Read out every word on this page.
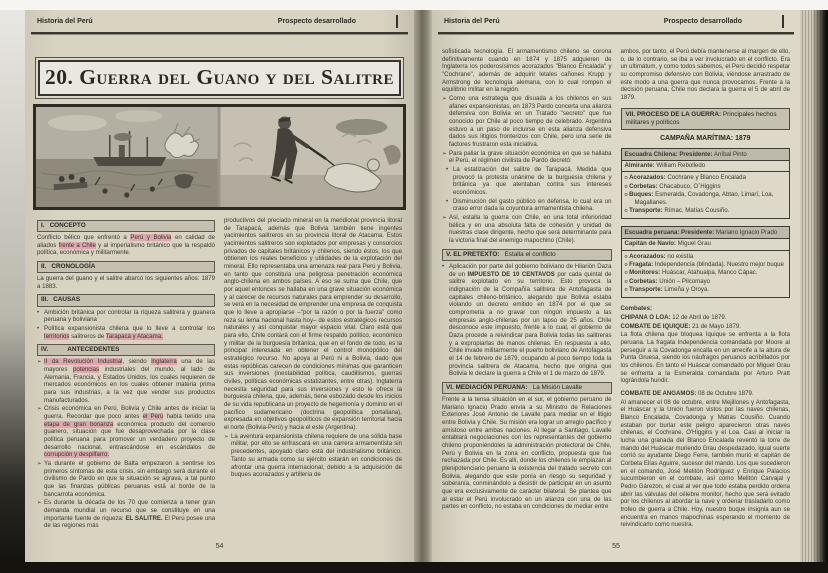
Historia del Perú	Prospecto desarrollado
20. Guerra del Guano y del Salitre
I. CONCEPTO
Conflicto bélico que enfrentó a Perú y Bolivia en calidad de aliados frente a Chile y al imperialismo británico que la respaldó política, económica y militarmente.
II. CRONOLOGÍA
La guerra del guano y el salitre abarcó los siguientes años: 1879 a 1883.
III. CAUSAS
•
Ambición británica por controlar la riqueza salitrera y guanera peruana y boliviana
•
Política expansionista chilena que lo lleve a controlar los territorios salitreros de Tarapacá y Atacama.
IV.	ANTECEDENTES
➢
II da Revolución Industrial, siendo Inglaterra una de las mayores potencias industriales del mundo, al lado de Alemania, Francia, y Estados Unidos, los cuales requieren de mercados económicos en los cuales obtener materia prima para sus industrias, a la vez que vender sus productos manufacturados.
➢
Crisis económica en Perú, Bolivia y Chile antes de iniciar la guerra. Recordar que poco antes el Perú había tenido una etapa de gran bonanza económica producto del comercio guanero, situación que fue desaprovechada por la clase política peruana para promover un verdadero proyecto de desarrollo nacional, entrascándose en escándalos de corrupción y despilfarro.
➢
Ya durante el gobierno de Balta empezaron a sentirse los primeros síntomas de esta crisis, sin embargo será durante el civilismo de Pardo en que la situación se agrava, a tal punto que las finanzas públicas peruanas está al borde de la bancarrota económica.
➢
Es durante la década de los 70 que comienza a tener gran demanda mundial un recurso que se constituye en una importante fuente de riqueza: EL SALITRE. El Perú posee una de las regiones más
productivos del preciado mineral en la meridional provincia litoral de Tarapacá, además que Bolivia también tiene ingentes yacimientos salitreros en su provincia litoral de Atacama. Estos yacimientos salitreros son explotados por empresas y consorcios privados de capitales británicos y chilenos, siendo éstos, los que obtienen los reales beneficios y utilidades de la explotación del mineral. Ello representaba una amenaza real para Perú y Bolivia, en tanto que constituía una peligrosa penetración económica anglo-chilena en ambos países. A eso se suma que Chile, que por aquel entonces se hallaba en una grave situación económica y al carecer de recursos naturales para emprender su desarrollo, se verá en la necesidad de emprender una empresa de conquista que lo lleve a apropiarse –"por la razón o por la fuerza" como reza su lema nacional hasta hoy– de estos estratégicos recursos naturales y así conquistar mayor espacio vital. Claro está que para ello, Chile contará con el firme respaldo político, económico y militar de la burguesía británica, que en el fondo de todo, es la principal interesada en obtener el control monopólico del estratégico recurso. No apoya al Perú ni a Bolivia, dado que estas repúblicas carecen de condiciones mínimas que garanticen sus inversiones (inestabilidad política, caudillismos, guerras civiles, políticas económicas estatizantes, entre otras). Inglaterra necesita seguridad para sus inversiones y esto le ofrece la burguesía chilena, que, además, tiene esbozado desde los inicios de su vida republicana un proyecto de hegemonía y dominio en el pacífico sudamericano (doctrina geopolítica portaliana), expresada en objetivos geopolíticos de expansión territorial hacia el norte (Bolivia-Perú) y hacia el este (Argentina).
➢
La aventura expansionista chilena requiere de una sólida base militar, por ello se enfrascará en una carrera armamentista sin precedentes, apoyado claro está del industrialismo británico. Tanto su armada como su ejército estarán en condiciones de afrontar una guerra internacional, debido a la adquisición de buques acorazados y artillería de
54
Historia del Perú	Prospecto desarrollado
sofisticada tecnología. El armamentismo chileno se corona definitivamente cuando en 1874 y 1875 adquieren de Inglaterra los poderosísimos acorazados "Blanco Encalada" y "Cochrane", además de adquirir letales cañones Krupp y Armstrong de tecnología alemana, con lo cual rompen el equilibrio militar en la región.
➢
Como una estrategia que disuada a los chilenos en sus afanes expansionistas, en 1873 Pardo concerta una alianza defensiva con Bolivia en un Tratado "secreto" que fue conocido por Chile al poco tiempo de celebrado. Argentina estuvo a un paso de incluirse en esta alianza defensiva dados sus litigios fronterizos con Chile, pero una serie de factores frustraron esta iniciativa.
➢
Para paliar la grave situación económica en que se hallaba el Perú, el régimen civilista de Pardo decretó:
•
La estatización del salitre de Tarapacá. Medida que provocó la protesta unánime de la burguesía chilena y británica ya que atentaban contra sus intereses económicos.
•
Disminución del gasto público en defensa, lo cual era un craso error dada la coyuntura armamentista chilena.
➢
Así, estalla la guerra con Chile, en una total inferioridad bélica y en una absoluta falta de cohesión y unidad de nuestras clase dirigente, hecho que será determinante para la victoria final del enemigo mapochino (Chile).
V. EL PRETEXTO: Estalla el conflicto
•
Aplicación por parte del gobierno boliviano de Hilarión Daza de un IMPUESTO DE 10 CENTAVOS por cada quintal de salitre explotado en su territorio. Esto provoca la indignación de la Compañía salitrera de Antofagasta de capitales chileno-británico, alegando que Bolivia estaba violando un decreto emitido en 1874 por el que se comprometía a no gravar con ningún impuesto a las empresas anglo-chilenas por un lapso de 25 años. Chile desconoce este impuesto, frente a lo cual, el gobierno de Daza procede a reivindicar para Bolivia todas las salitreras y a expropiarlas de manos chilenas. En respuesta a ello, Chile invade militarmente el puerto boliviano de Antofagasta el 14 de febrero de 1879, ocupando al poco tiempo toda la provincia salitrera de Atacama, hecho que origina que Bolivia le declare la guerra a Chile el 1 de marzo de 1879.
VI. MEDIACIÓN PERUANA: La Misión Lavalle
Frente a la tensa situación en el sur, el gobierno peruano de Mariano Ignacio Prado envía a su Ministro de Relaciones Exteriores José Antonio de Lavalle para mediar en el litigio entre Bolivia y Chile. Su misión era lograr un arreglo pacífico y amistoso entre ambas naciones. Al llegar a Santiago, Lavalle entablará negociaciones con los representantes del gobierno chileno proponiéndoles la administración protectoral de Chile, Perú y Bolivia en la zona en conflicto, propuesta que fue rechazada por Chile. Es allí, donde los chilenos le emplazan al plenipotenciario peruano la existencia del tratado secreto con Bolivia, alegando que este ponía en riesgo su seguridad y soberanía, conminándolo a desistir de participar en un asunto que era exclusivamente de carácter bilateral. Se plantea que al estar el Perú involucrado en un alianza con una de las partes en conflicto, no estaba en condiciones de mediar entre
ambos, por tanto, el Perú debía mantenerse al margen de ello, o, de lo contrario, se iba a ver involucrado en el conflicto. Era un ultimátum, y como todos sabemos, el Perú decidió respetar su compromiso defensivo con Bolivia, viéndose arrastrado de este modo a una guerra que nunca provocamos. Frente a la decisión peruana, Chile nos declara la guerra el 5 de abril de 1879.
VII. PROCESO DE LA GUERRA: Principales hechos militares y políticos
CAMPAÑA MARÍTIMA: 1879
Escuadra Chilena: Presidente: Aníbal Pinto
Almirante: William Rebolledo
o Acorazados: Cochrane y Blanco Encalada
o Corbetas: Chacabuco, O´Higgins
o Buques: Esmeralda, Covadonga, Abtao, Limarí, Loa, Magallanes.
o Transporte: Rímac, Matías Cousiño.
Escuadra peruana: Presidente: Mariano Ignacio Prado
Capitán de Navío: Miguel Grau
o Acorazados: no existía
o Fragata: Independencia (blindada). Nuestro mejor buque
o Monitores: Huáscar, Atahualpa, Manco Cápac.
o Corbetas: Unión – Pilcomayo
o Transporte: Limeña y Oroya.
Combates:
CHIPANA O LOA: 12 de Abril de 1879.
COMBATE DE IQUIQUE: 21 de Mayo 1879.
La flota chilena que bloquea Iquique se enfrenta a la flota peruana. La fragata Independencia comandada por Moore al perseguir a la Covadonga encalla en un arrecife a la altura de Punta Gruesa, siendo los náufragos peruanos acribillados por los chilenos. En tanto el Huáscar comandado por Miguel Grau se enfrenta a la Esmeralda comandada por Arturo Pratt lográndola hundir.
COMBATE DE ANGAMOS: 08 de Octubre 1879.
Al amanecer el 08 de octubre, entre Mejillones y Antofagasta, el Huáscar y la Unión fueron vistos por las naves chilenas, Blanco Encalada, Covadonga y Matías Cousiño. Cuando estaban por burlar este peligro aparecieron otras naves chilenas, el Cochrane, O'Higgins y el Loa. Casi al iniciar la lucha una granada del Blanco Encalada reventó la torre de mando del Huáscar muriendo Grau despedazado, igual suerte corrió su ayudante Diego Ferre, también murió el capitán de Corbeta Elías Aguirre, sucesor del mando. Los que sucedieron en el comando, José Melitón Rodríguez y Enrique Palacios sucumbieron en el combate, así como Melitón Carvajal y Pedro Gárezon, el cual al ver que todo estaba perdido ordena abrir las válvulas del célebre monitor, hecho que será evitado por los chilenos al abordar la nave y ordenar trasladarlo como trofeo de guerra a Chile. Hoy, nuestro buque insignia aun se encuentra en manos mapochinas esperando el momento de reivindicarlo como nuestra.
55
